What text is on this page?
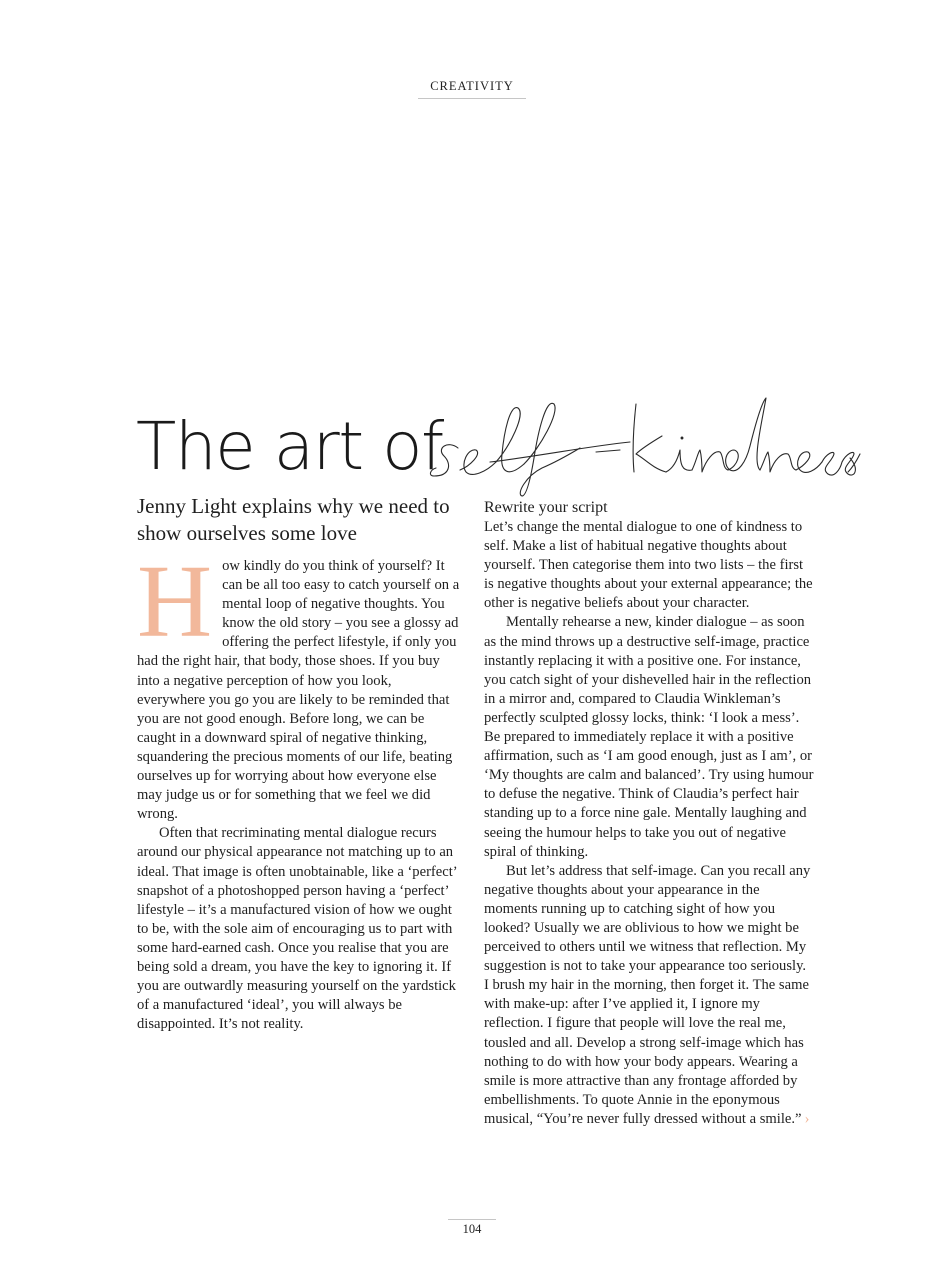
CREATIVITY
The art of
Jenny Light explains why we need to show ourselves some love
H ow kindly do you think of yourself? It can be all too easy to catch yourself on a mental loop of negative thoughts. You know the old story – you see a glossy ad offering the perfect lifestyle, if only you had the right hair, that body, those shoes. If you buy into a negative perception of how you look, everywhere you go you are likely to be reminded that you are not good enough. Before long, we can be caught in a downward spiral of negative thinking, squandering the precious moments of our life, beating ourselves up for worrying about how everyone else may judge us or for something that we feel we did wrong.

Often that recriminating mental dialogue recurs around our physical appearance not matching up to an ideal. That image is often unobtainable, like a ‘perfect’ snapshot of a photoshopped person having a ‘perfect’ lifestyle – it’s a manufactured vision of how we ought to be, with the sole aim of encouraging us to part with some hard-earned cash. Once you realise that you are being sold a dream, you have the key to ignoring it. If you are outwardly measuring yourself on the yardstick of a manufactured ‘ideal’, you will always be disappointed. It’s not reality.

Rewrite your script

Let’s change the mental dialogue to one of kindness to self. Make a list of habitual negative thoughts about yourself. Then categorise them into two lists – the first is negative thoughts about your external appearance; the other is negative beliefs about your character.

Mentally rehearse a new, kinder dialogue – as soon as the mind throws up a destructive self-image, practice instantly replacing it with a positive one. For instance, you catch sight of your dishevelled hair in the reflection in a mirror and, compared to Claudia Winkleman’s perfectly sculpted glossy locks, think: ‘I look a mess’. Be prepared to immediately replace it with a positive affirmation, such as ‘I am good enough, just as I am’, or ‘My thoughts are calm and balanced’. Try using humour to defuse the negative. Think of Claudia’s perfect hair standing up to a force nine gale. Mentally laughing and seeing the humour helps to take you out of negative spiral of thinking.

But let’s address that self-image. Can you recall any negative thoughts about your appearance in the moments running up to catching sight of how you looked? Usually we are oblivious to how we might be perceived to others until we witness that reflection. My suggestion is not to take your appearance too seriously. I brush my hair in the morning, then forget it. The same with make-up: after I’ve applied it, I ignore my reflection. I figure that people will love the real me, tousled and all. Develop a strong self-image which has nothing to do with how your body appears. Wearing a smile is more attractive than any frontage afforded by embellishments. To quote Annie in the eponymous musical, “You’re never fully dressed without a smile.” ›

104
